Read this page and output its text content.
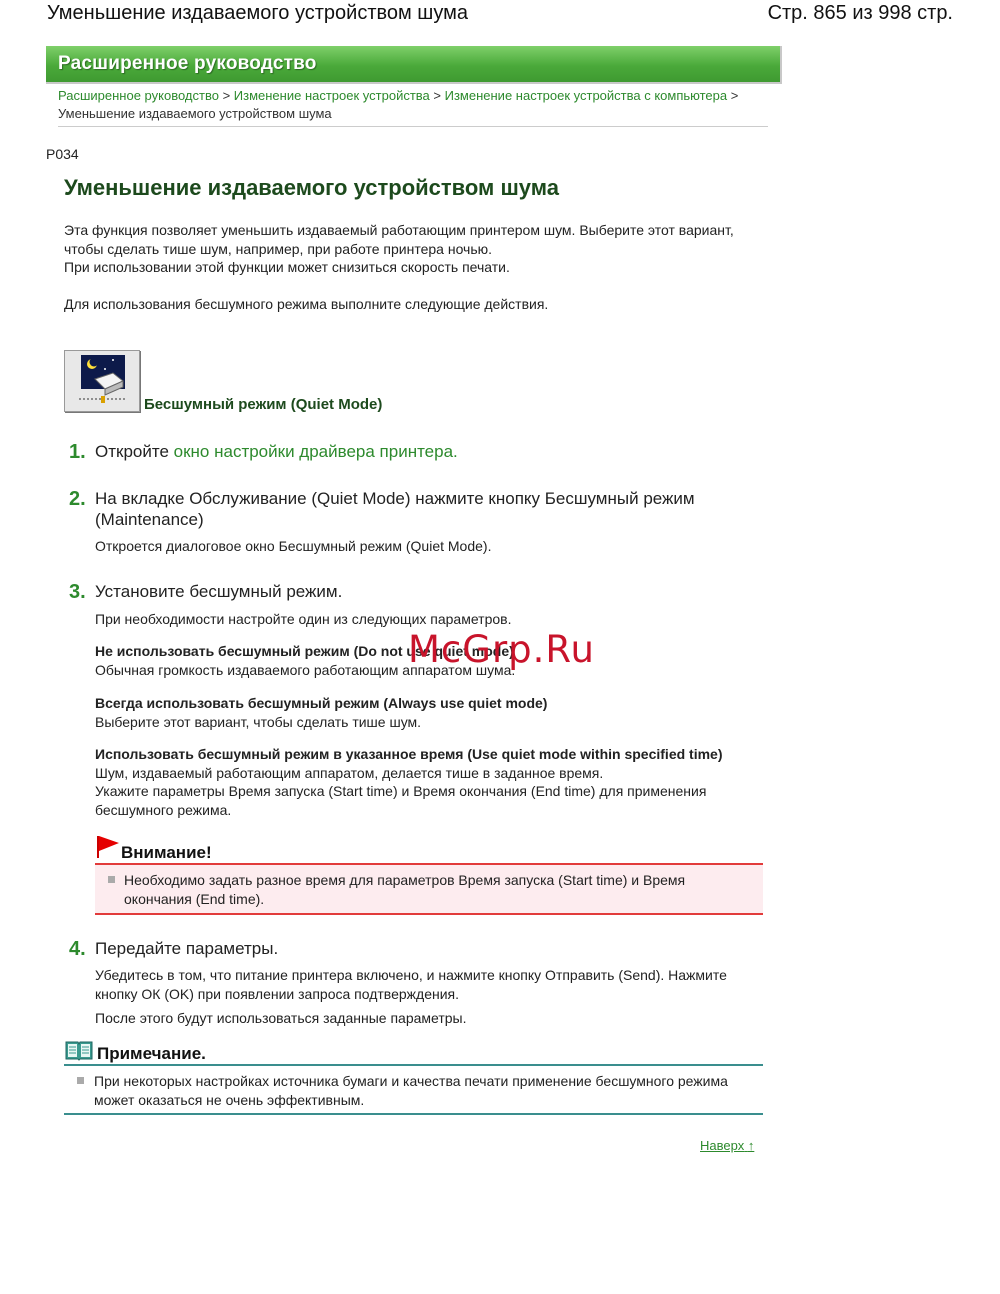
Уменьшение издаваемого устройством шума	Стр. 865 из 998 стр.
Расширенное руководство
Расширенное руководство > Изменение настроек устройства > Изменение настроек устройства с компьютера > Уменьшение издаваемого устройством шума
P034
Уменьшение издаваемого устройством шума

Эта функция позволяет уменьшить издаваемый работающим принтером шум. Выберите этот вариант, чтобы сделать тише шум, например, при работе принтера ночью.

При использовании этой функции может снизиться скорость печати.

Для использования бесшумного режима выполните следующие действия.

Бесшумный режим (Quiet Mode)
1. Откройте окно настройки драйвера принтера.
2. На вкладке Обслуживание (Quiet Mode) нажмите кнопку Бесшумный режим (Maintenance)
Откроется диалоговое окно Бесшумный режим (Quiet Mode).
3. Установите бесшумный режим.
При необходимости настройте один из следующих параметров.

Не использовать бесшумный режим (Do not use quiet mode)

Обычная громкость издаваемого работающим аппаратом шума.

Всегда использовать бесшумный режим (Always use quiet mode)

Выберите этот вариант, чтобы сделать тише шум.

Использовать бесшумный режим в указанное время (Use quiet mode within specified time)

Шум, издаваемый работающим аппаратом, делается тише в заданное время.

Укажите параметры Время запуска (Start time) и Время окончания (End time) для применения бесшумного режима.

Внимание!
Необходимо задать разное время для параметров Время запуска (Start time) и Время окончания (End time).
4. Передайте параметры.
Убедитесь в том, что питание принтера включено, и нажмите кнопку Отправить (Send). Нажмите кнопку ОК (OK) при появлении запроса подтверждения.
После этого будут использоваться заданные параметры.
Примечание.
При некоторых настройках источника бумаги и качества печати применение бесшумного режима может оказаться не очень эффективным.
Наверх ↑
McGrp.Ru
